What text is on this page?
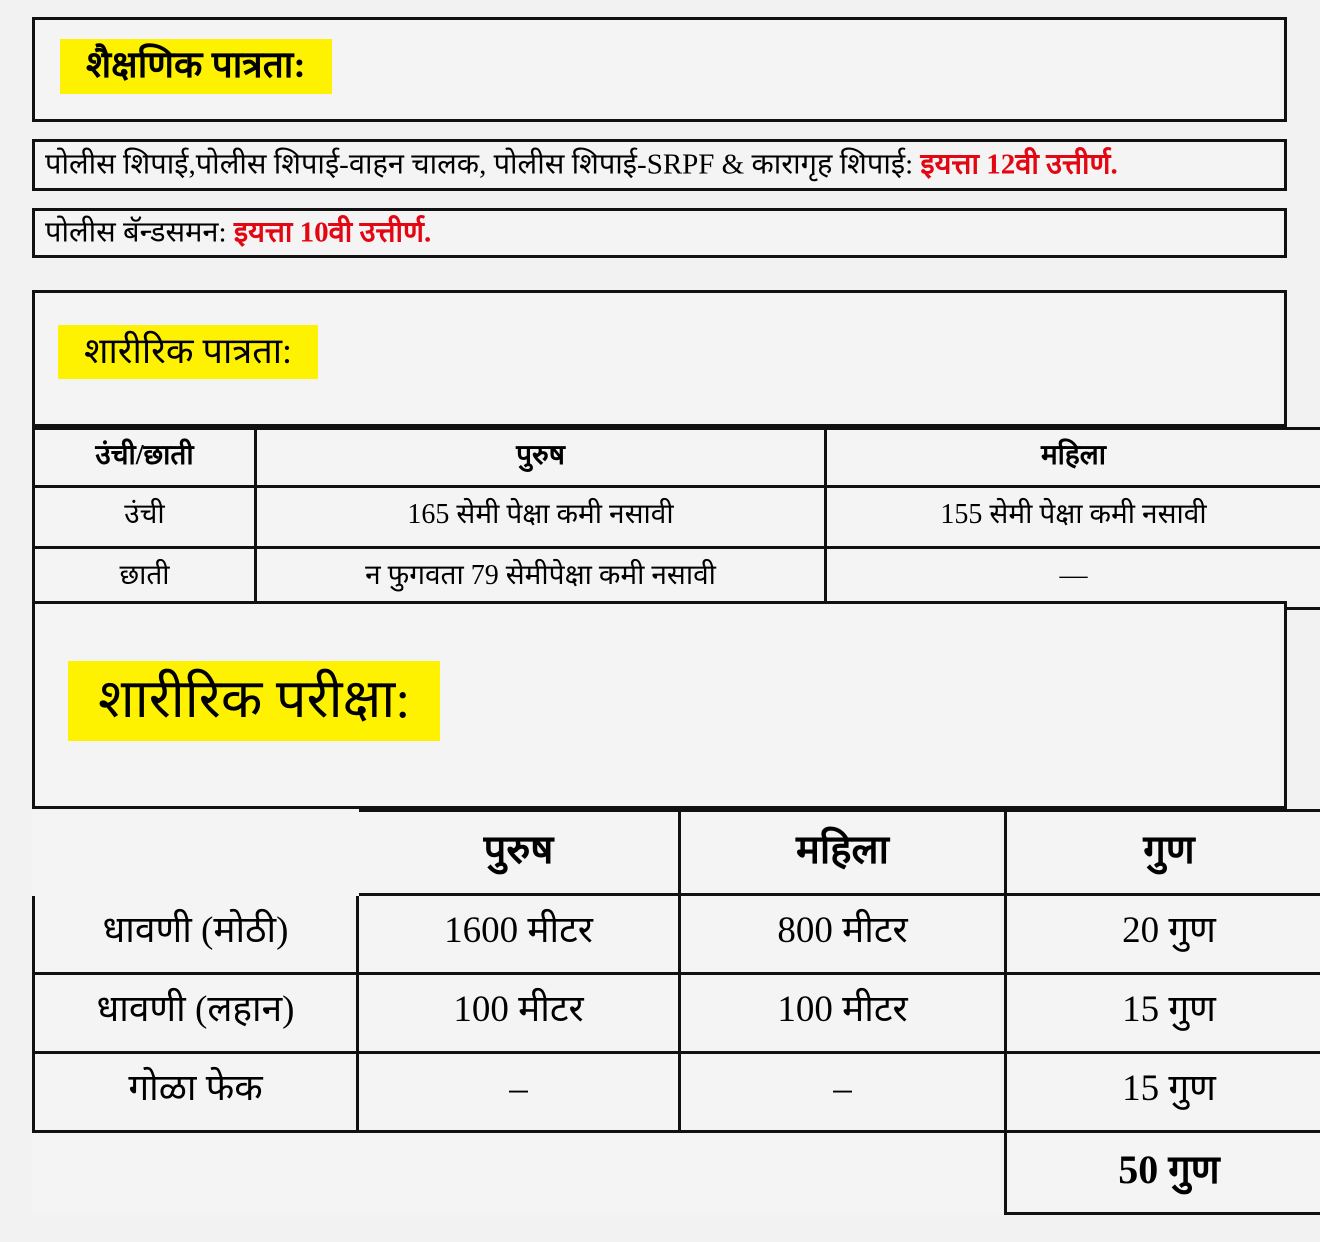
शैक्षणिक पात्रता:
पोलीस शिपाई,पोलीस शिपाई-वाहन चालक, पोलीस शिपाई-SRPF & कारागृह शिपाई: इयत्ता 12वी उत्तीर्ण.
पोलीस बॅन्डसमन: इयत्ता 10वी उत्तीर्ण.
शारीरिक पात्रता:
उंची/छाती	पुरुष	महिला
उंची	165 सेमी पेक्षा कमी नसावी	155 सेमी पेक्षा कमी नसावी
छाती	न फुगवता 79 सेमीपेक्षा कमी नसावी	—
शारीरिक परीक्षा:
	पुरुष	महिला	गुण
धावणी (मोठी)	1600 मीटर	800 मीटर	20 गुण
धावणी (लहान)	100 मीटर	100 मीटर	15 गुण
गोळा फेक	–	–	15 गुण
			50 गुण
